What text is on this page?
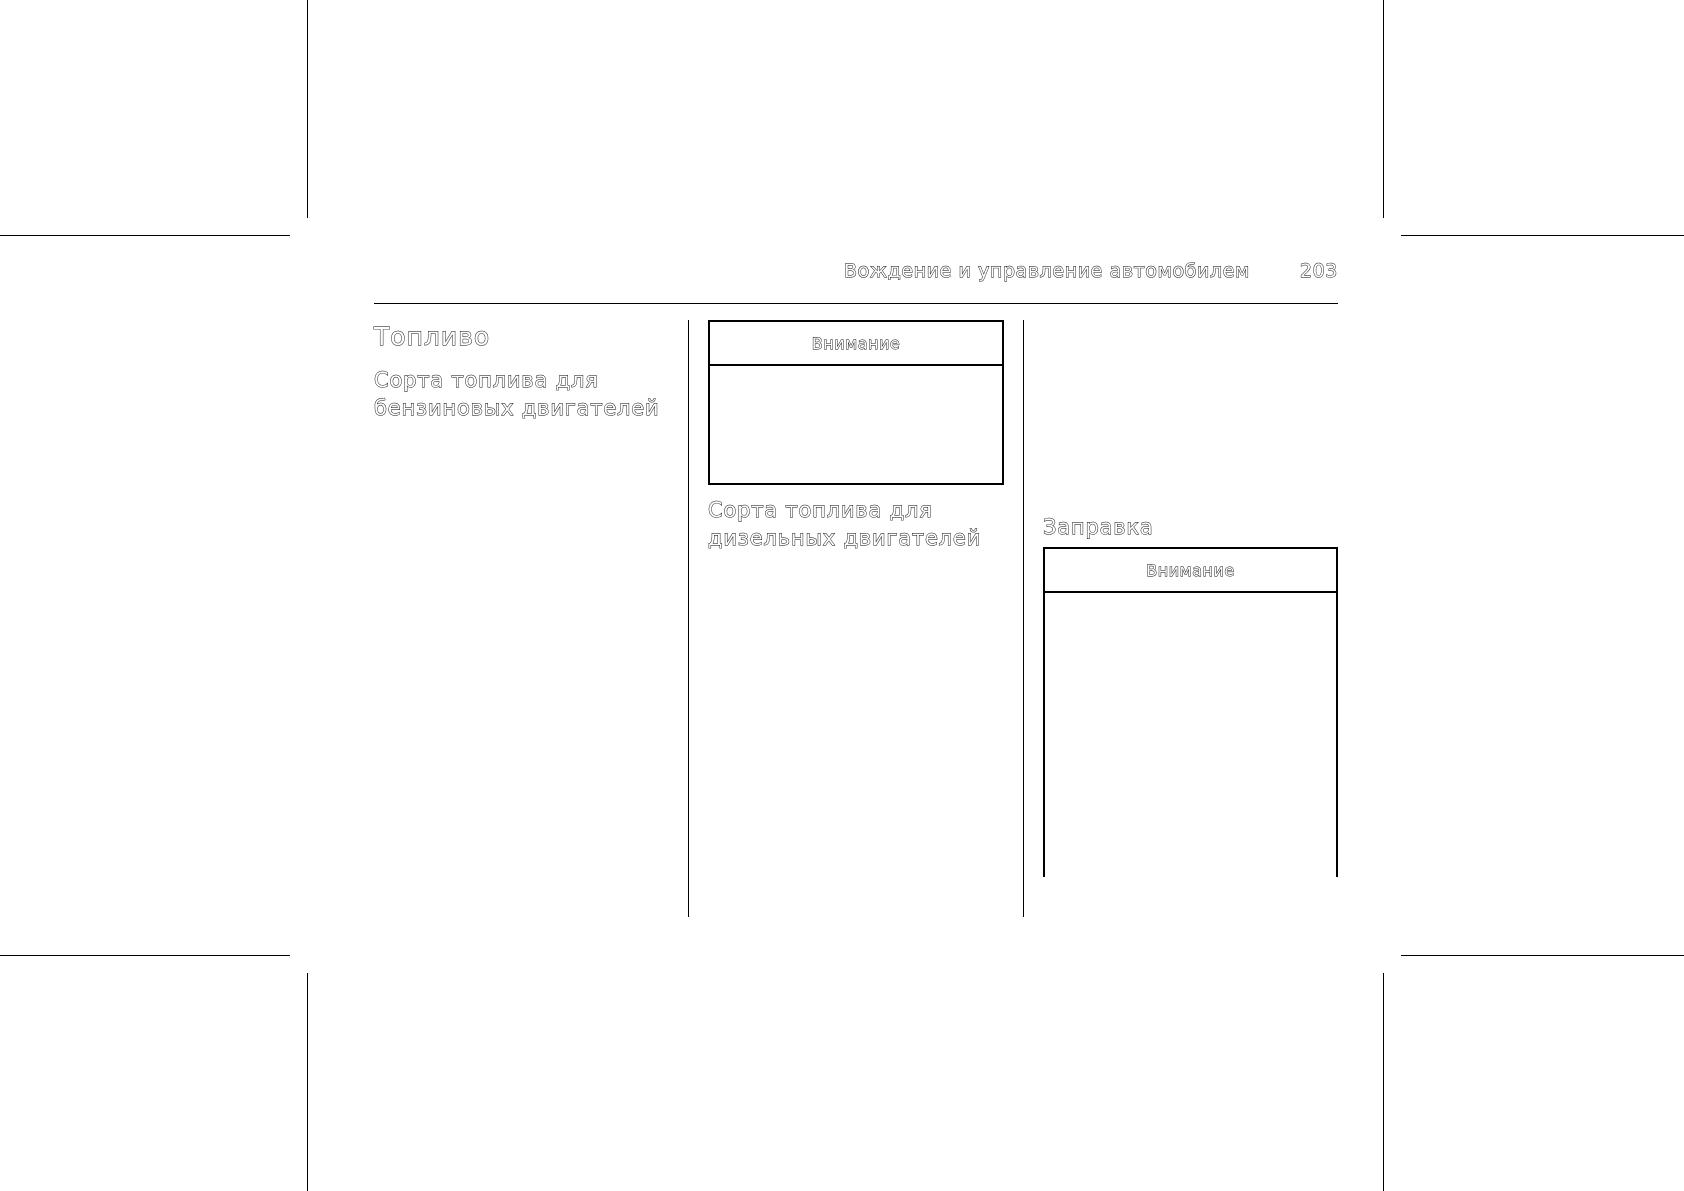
Вождение и управление автомобилем	203
Топливо
Сорта топлива для
бензиновых двигателей
Внимание
Сорта топлива для
дизельных двигателей	Заправка
Внимание
